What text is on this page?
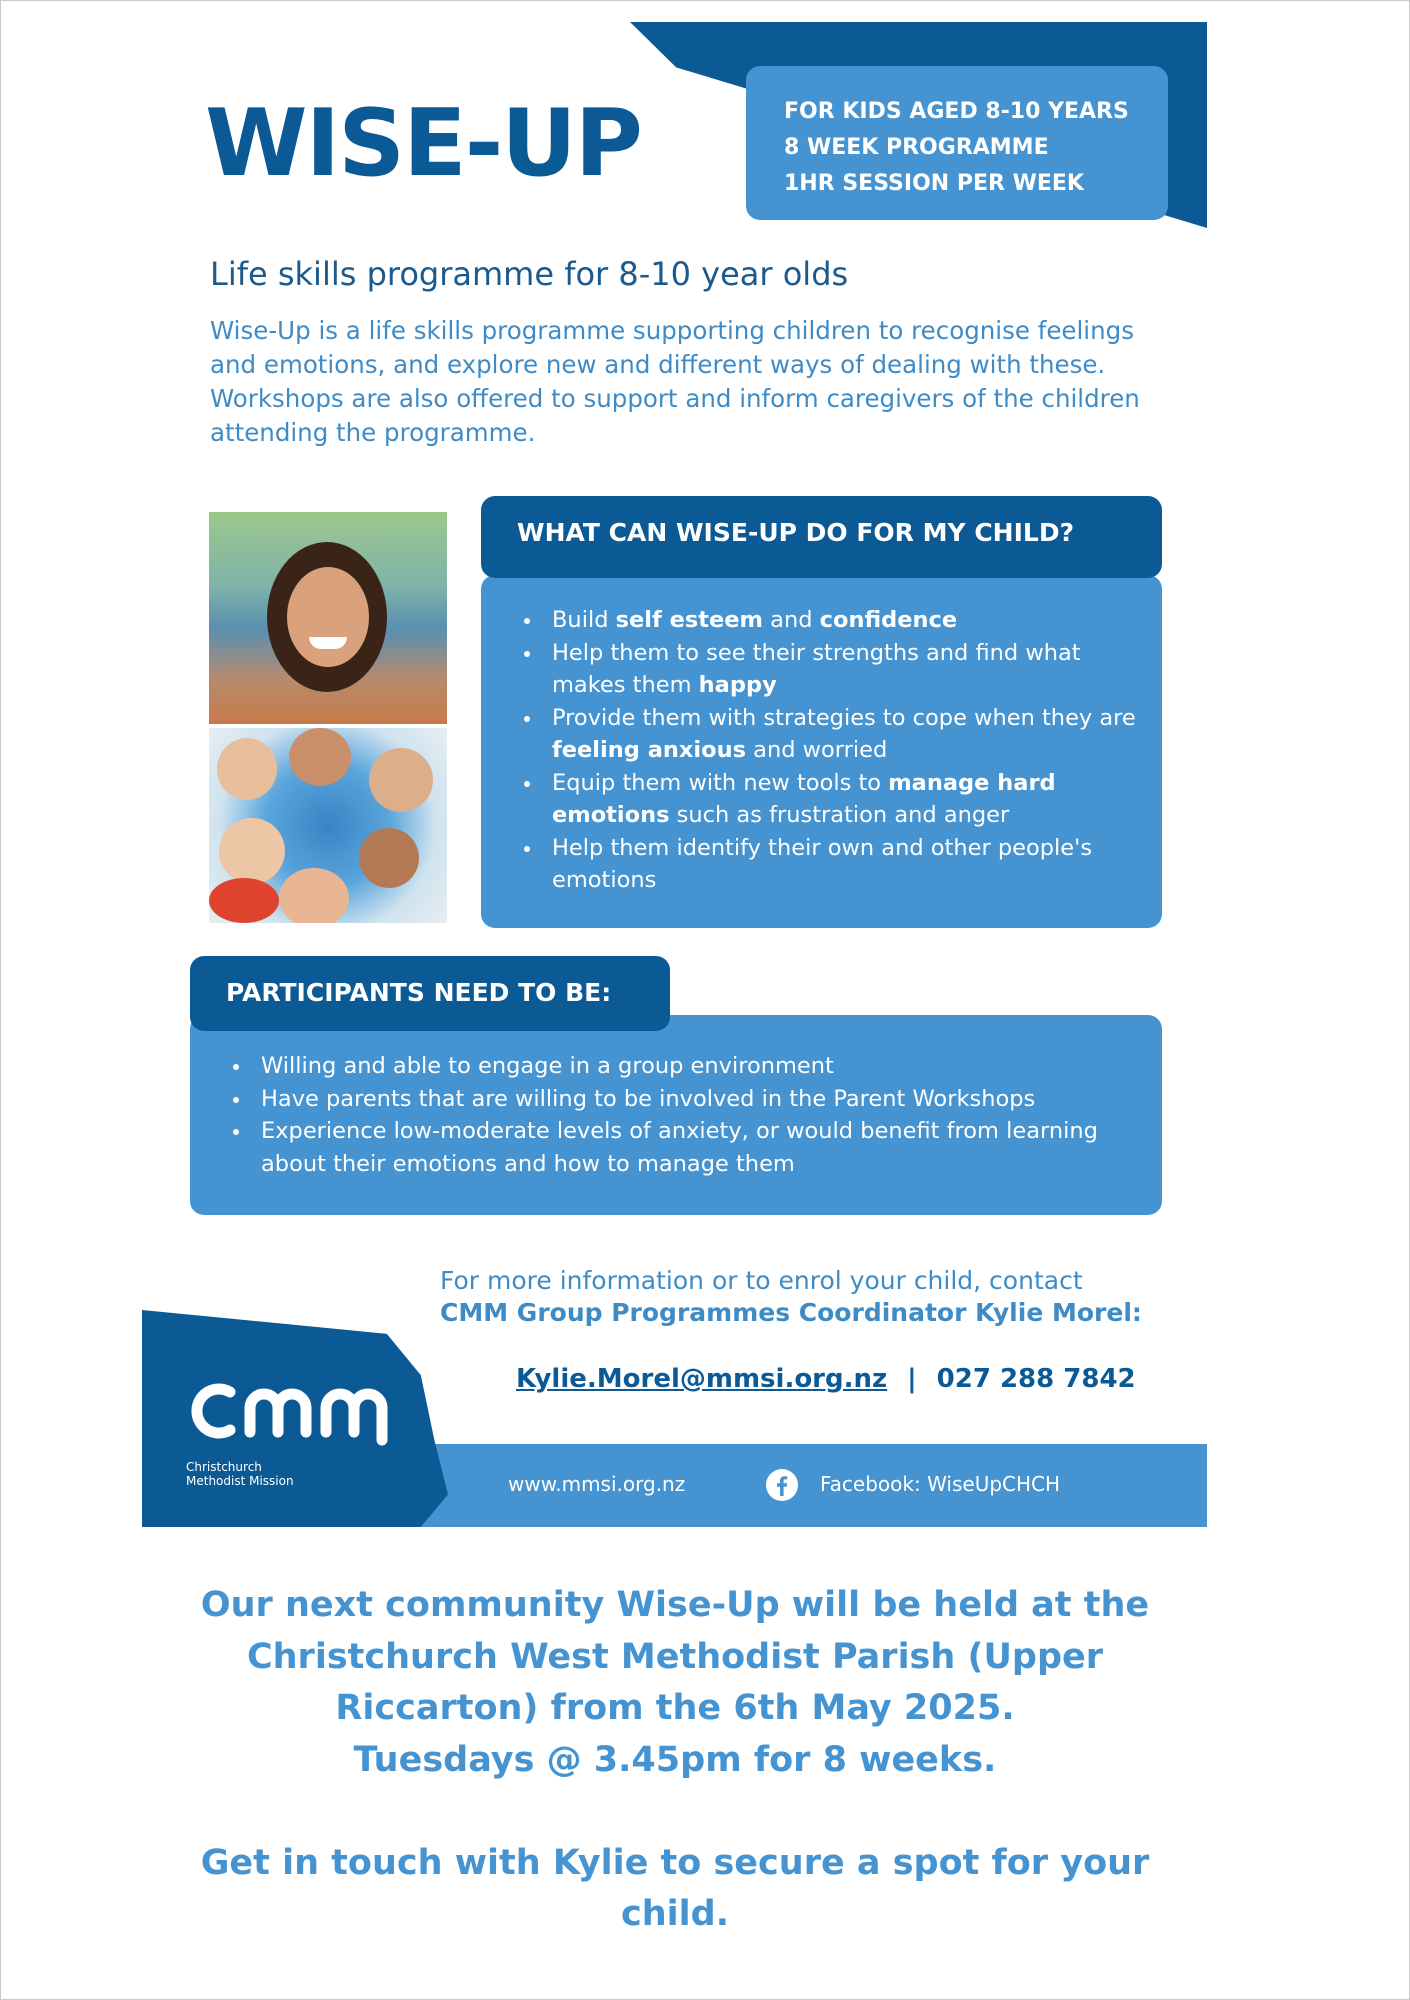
FOR KIDS AGED 8-10 YEARS
8 WEEK PROGRAMME
1HR SESSION PER WEEK
WISE-UP
Life skills programme for 8-10 year olds

Wise-Up is a life skills programme supporting children to recognise feelings and emotions, and explore new and different ways of dealing with these. Workshops are also offered to support and inform caregivers of the children attending the programme.

WHAT CAN WISE-UP DO FOR MY CHILD?
Build self esteem and confidence
Help them to see their strengths and find what makes them happy
Provide them with strategies to cope when they are feeling anxious and worried
Equip them with new tools to manage hard emotions such as frustration and anger
Help them identify their own and other people's emotions
PARTICIPANTS NEED TO BE:
Willing and able to engage in a group environment
Have parents that are willing to be involved in the Parent Workshops
Experience low-moderate levels of anxiety, or would benefit from learning about their emotions and how to manage them

For more information or to enrol your child, contact

CMM Group Programmes Coordinator Kylie Morel:

Kylie.Morel@mmsi.org.nz | 027 288 7842

Christchurch
Methodist Mission	www.mmsi.org.nz	Facebook: WiseUpCHCH

Our next community Wise-Up will be held at the
Christchurch West Methodist Parish (Upper
Riccarton) from the 6th May 2025.
Tuesdays @ 3.45pm for 8 weeks.
Get in touch with Kylie to secure a spot for your
child.
